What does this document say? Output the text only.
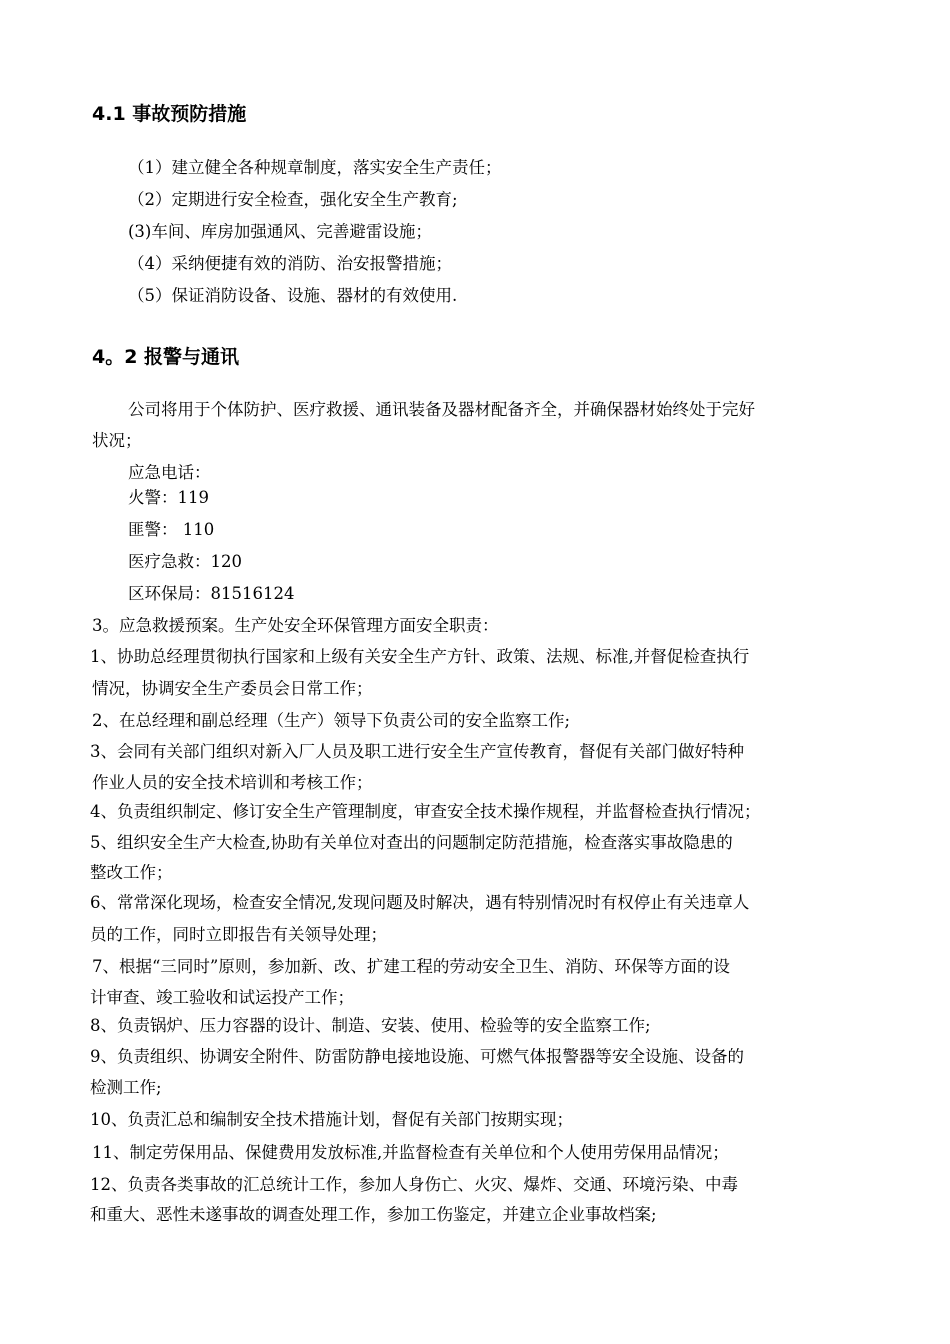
4.1 事故预防措施
（1）建立健全各种规章制度，落实安全生产责任；
（2）定期进行安全检查，强化安全生产教育;
(3)车间、库房加强通风、完善避雷设施；
（4）采纳便捷有效的消防、治安报警措施；
（5）保证消防设备、设施、器材的有效使用.
4。2 报警与通讯
公司将用于个体防护、医疗救援、通讯装备及器材配备齐全，并确保器材始终处于完好
状况；
应急电话：
火警：119
匪警： 110
医疗急救：120
区环保局：81516124
3。应急救援预案。生产处安全环保管理方面安全职责：
1、协助总经理贯彻执行国家和上级有关安全生产方针、政策、法规、标准,并督促检查执行
情况，协调安全生产委员会日常工作；
2、在总经理和副总经理（生产）领导下负责公司的安全监察工作;
3、会同有关部门组织对新入厂人员及职工进行安全生产宣传教育，督促有关部门做好特种
作业人员的安全技术培训和考核工作；
4、负责组织制定、修订安全生产管理制度，审查安全技术操作规程，并监督检查执行情况；
5、组织安全生产大检查,协助有关单位对查出的问题制定防范措施，检查落实事故隐患的
整改工作；
6、常常深化现场，检查安全情况,发现问题及时解决，遇有特别情况时有权停止有关违章人
员的工作，同时立即报告有关领导处理；
7、根据“三同时”原则，参加新、改、扩建工程的劳动安全卫生、消防、环保等方面的设
计审查、竣工验收和试运投产工作；
8、负责锅炉、压力容器的设计、制造、安装、使用、检验等的安全监察工作;
9、负责组织、协调安全附件、防雷防静电接地设施、可燃气体报警器等安全设施、设备的
检测工作;
10、负责汇总和编制安全技术措施计划，督促有关部门按期实现；
11、制定劳保用品、保健费用发放标准,并监督检查有关单位和个人使用劳保用品情况；
12、负责各类事故的汇总统计工作，参加人身伤亡、火灾、爆炸、交通、环境污染、中毒
和重大、恶性未遂事故的调查处理工作，参加工伤鉴定，并建立企业事故档案;
